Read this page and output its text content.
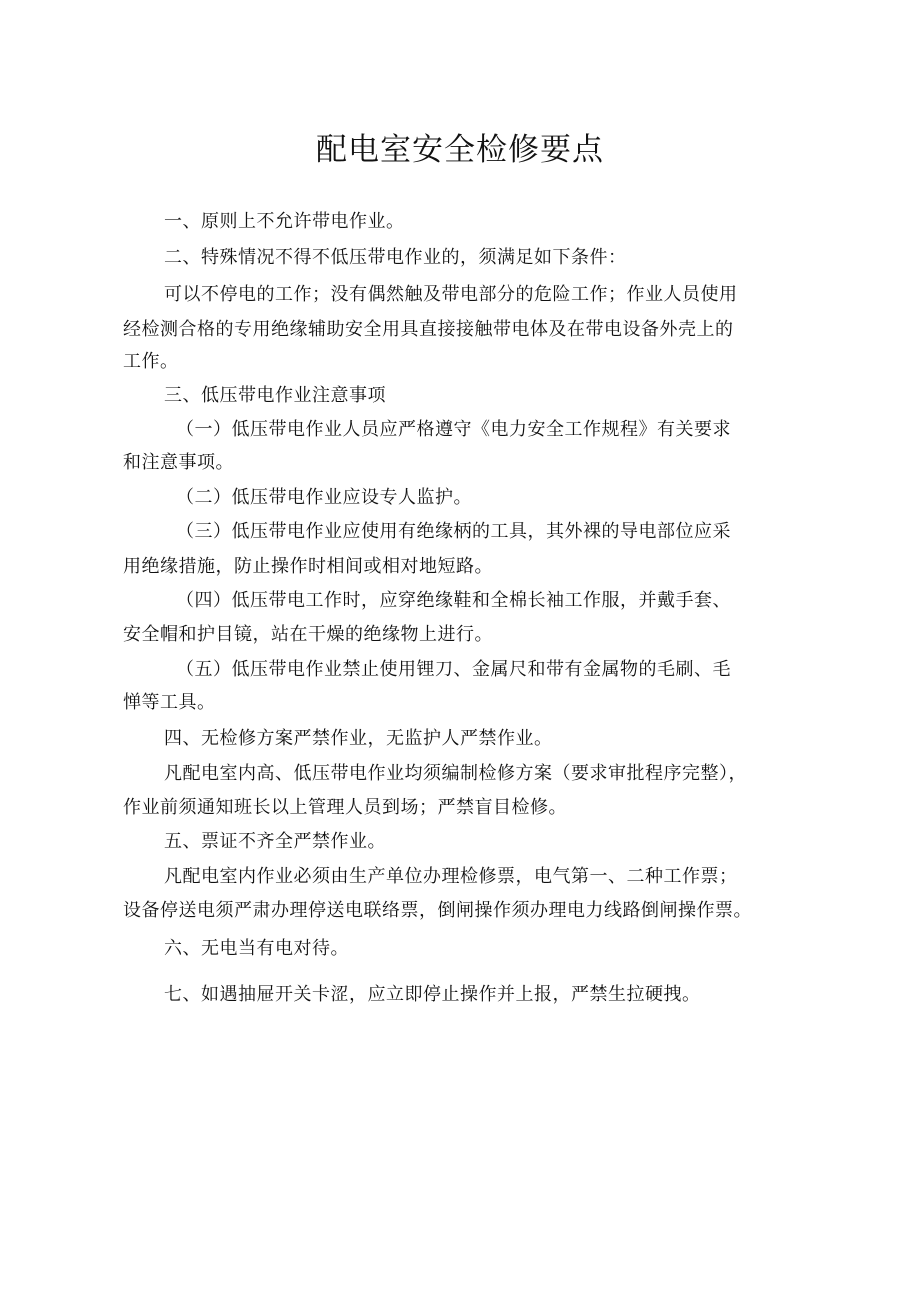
配电室安全检修要点
一、原则上不允许带电作业。
二、特殊情况不得不低压带电作业的，须满足如下条件：
可以不停电的工作；没有偶然触及带电部分的危险工作；作业人员使用
经检测合格的专用绝缘辅助安全用具直接接触带电体及在带电设备外壳上的
工作。
三、低压带电作业注意事项
（一）低压带电作业人员应严格遵守《电力安全工作规程》有关要求
和注意事项。
（二）低压带电作业应设专人监护。
（三）低压带电作业应使用有绝缘柄的工具，其外裸的导电部位应采
用绝缘措施，防止操作时相间或相对地短路。
（四）低压带电工作时，应穿绝缘鞋和全棉长袖工作服，并戴手套、
安全帽和护目镜，站在干燥的绝缘物上进行。
（五）低压带电作业禁止使用锂刀、金属尺和带有金属物的毛刷、毛
惮等工具。
四、无检修方案严禁作业，无监护人严禁作业。
凡配电室内高、低压带电作业均须编制检修方案（要求审批程序完整），
作业前须通知班长以上管理人员到场；严禁盲目检修。
五、票证不齐全严禁作业。
凡配电室内作业必须由生产单位办理检修票，电气第一、二种工作票；
设备停送电须严肃办理停送电联络票，倒闸操作须办理电力线路倒闸操作票。
六、无电当有电对待。
七、如遇抽屉开关卡涩，应立即停止操作并上报，严禁生拉硬拽。
